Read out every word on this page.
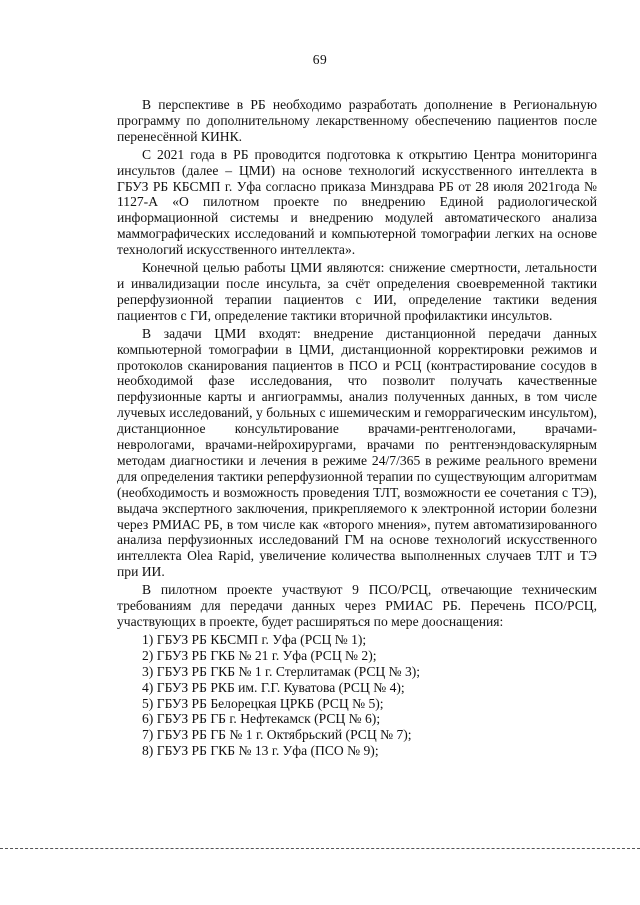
69

В перспективе в РБ необходимо разработать дополнение в Региональную программу по дополнительному лекарственному обеспечению пациентов после перенесённой КИНК.

С 2021 года в РБ проводится подготовка к открытию Центра мониторинга инсультов (далее – ЦМИ) на основе технологий искусственного интеллекта в ГБУЗ РБ КБСМП г. Уфа согласно приказа Минздрава РБ от 28 июля 2021года № 1127-А «О пилотном проекте по внедрению Единой радиологической информационной системы и внедрению модулей автоматического анализа маммографических исследований и компьютерной томографии легких на основе технологий искусственного интеллекта».

Конечной целью работы ЦМИ являются: снижение смертности, летальности и инвалидизации после инсульта, за счёт определения своевременной тактики реперфузионной терапии пациентов с ИИ, определение тактики ведения пациентов с ГИ, определение тактики вторичной профилактики инсультов.

В задачи ЦМИ входят: внедрение дистанционной передачи данных компьютерной томографии в ЦМИ, дистанционной корректировки режимов и протоколов сканирования пациентов в ПСО и РСЦ (контрастирование сосудов в необходимой фазе исследования, что позволит получать качественные перфузионные карты и ангиограммы, анализ полученных данных, в том числе лучевых исследований, у больных с ишемическим и геморрагическим инсультом), дистанционное консультирование врачами-рентгенологами, врачами-неврологами, врачами-нейрохирургами, врачами по рентгенэндоваскулярным методам диагностики и лечения в режиме 24/7/365 в режиме реального времени для определения тактики реперфузионной терапии по существующим алгоритмам (необходимость и возможность проведения ТЛТ, возможности ее сочетания с ТЭ), выдача экспертного заключения, прикрепляемого к электронной истории болезни через РМИАС РБ, в том числе как «второго мнения», путем автоматизированного анализа перфузионных исследований ГМ на основе технологий искусственного интеллекта Olea Rapid, увеличение количества выполненных случаев ТЛТ и ТЭ при ИИ.

В пилотном проекте участвуют 9 ПСО/РСЦ, отвечающие техническим требованиям для передачи данных через РМИАС РБ. Перечень ПСО/РСЦ, участвующих в проекте, будет расширяться по мере дооснащения:

1) ГБУЗ РБ КБСМП г. Уфа (РСЦ № 1);
2) ГБУЗ РБ ГКБ № 21 г. Уфа (РСЦ № 2);
3) ГБУЗ РБ ГКБ № 1 г. Стерлитамак (РСЦ № 3);
4) ГБУЗ РБ РКБ им. Г.Г. Куватова (РСЦ № 4);
5) ГБУЗ РБ Белорецкая ЦРКБ (РСЦ № 5);
6) ГБУЗ РБ ГБ г. Нефтекамск (РСЦ № 6);
7) ГБУЗ РБ ГБ № 1 г. Октябрьский (РСЦ № 7);
8) ГБУЗ РБ ГКБ № 13 г. Уфа (ПСО № 9);
